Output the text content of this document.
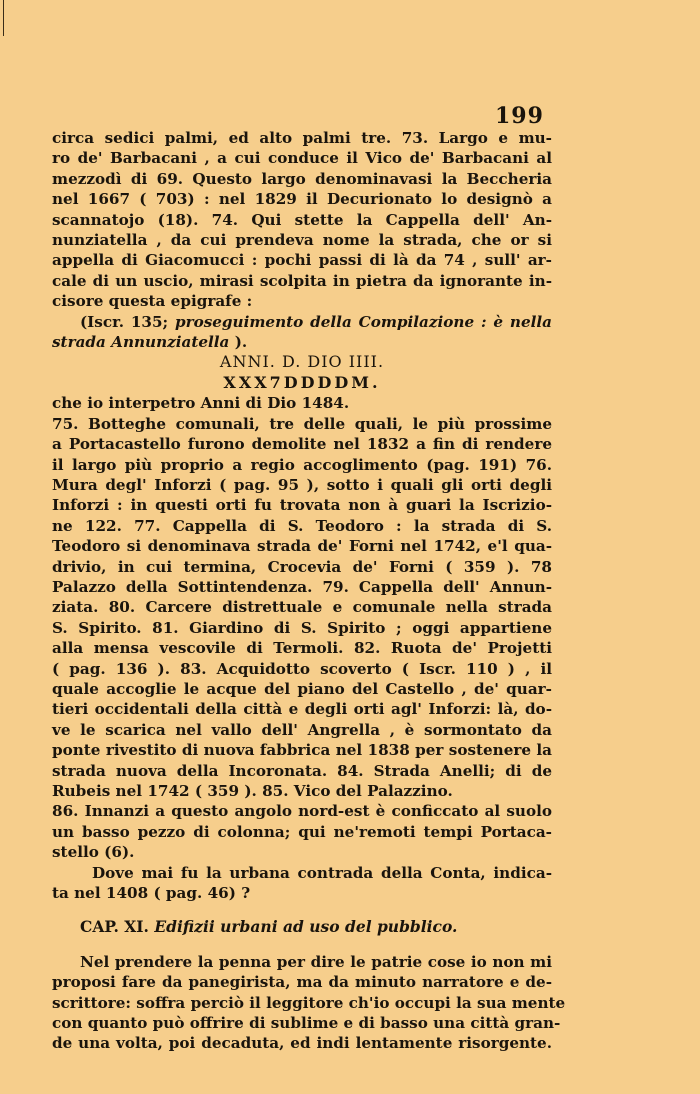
199
circa sedici palmi, ed alto palmi tre. 73. Largo e mu-
ro de' Barbacani , a cui conduce il Vico de' Barbacani al
mezzodì di 69. Questo largo denominavasi la Beccheria
nel 1667 ( 703) : nel 1829 il Decurionato lo designò a
scannatojo (18). 74. Qui stette la Cappella dell' An-
nunziatella , da cui prendeva nome la strada, che or si
appella di Giacomucci : pochi passi di là da 74 , sull' ar-
cale di un uscio, mirasi scolpita in pietra da ignorante in-
cisore questa epigrafe :
(Iscr. 135; proseguimento della Compilazione : è nella
strada Annunziatella ).
ANNI. D. DIO IIII.
XXX7DDDDM.
che io interpetro Anni di Dio 1484.
75. Botteghe comunali, tre delle quali, le più prossime
a Portacastello furono demolite nel 1832 a fin di rendere
il largo più proprio a regio accoglimento (pag. 191) 76.
Mura degl' Inforzi ( pag. 95 ), sotto i quali gli orti degli
Inforzi : in questi orti fu trovata non à guari la Iscrizio-
ne 122. 77. Cappella di S. Teodoro : la strada di S.
Teodoro si denominava strada de' Forni nel 1742, e'l qua-
drivio, in cui termina, Crocevia de' Forni ( 359 ). 78
Palazzo della Sottintendenza. 79. Cappella dell' Annun-
ziata. 80. Carcere distrettuale e comunale nella strada
S. Spirito. 81. Giardino di S. Spirito ; oggi appartiene
alla mensa vescovile di Termoli. 82. Ruota de' Projetti
( pag. 136 ). 83. Acquidotto scoverto ( Iscr. 110 ) , il
quale accoglie le acque del piano del Castello , de' quar-
tieri occidentali della città e degli orti agl' Inforzi: là, do-
ve le scarica nel vallo dell' Angrella , è sormontato da
ponte rivestito di nuova fabbrica nel 1838 per sostenere la
strada nuova della Incoronata. 84. Strada Anelli; di de
Rubeis nel 1742 ( 359 ). 85. Vico del Palazzino.
86. Innanzi a questo angolo nord-est è conficcato al suolo
un basso pezzo di colonna; qui ne'remoti tempi Portaca-
stello (6).
Dove mai fu la urbana contrada della Conta, indica-
ta nel 1408 ( pag. 46) ?
CAP. XI. Edifizii urbani ad uso del pubblico.
Nel prendere la penna per dire le patrie cose io non mi
proposi fare da panegirista, ma da minuto narratore e de-
scrittore: soffra perciò il leggitore ch'io occupi la sua mente
con quanto può offrire di sublime e di basso una città gran-
de una volta, poi decaduta, ed indi lentamente risorgente.
